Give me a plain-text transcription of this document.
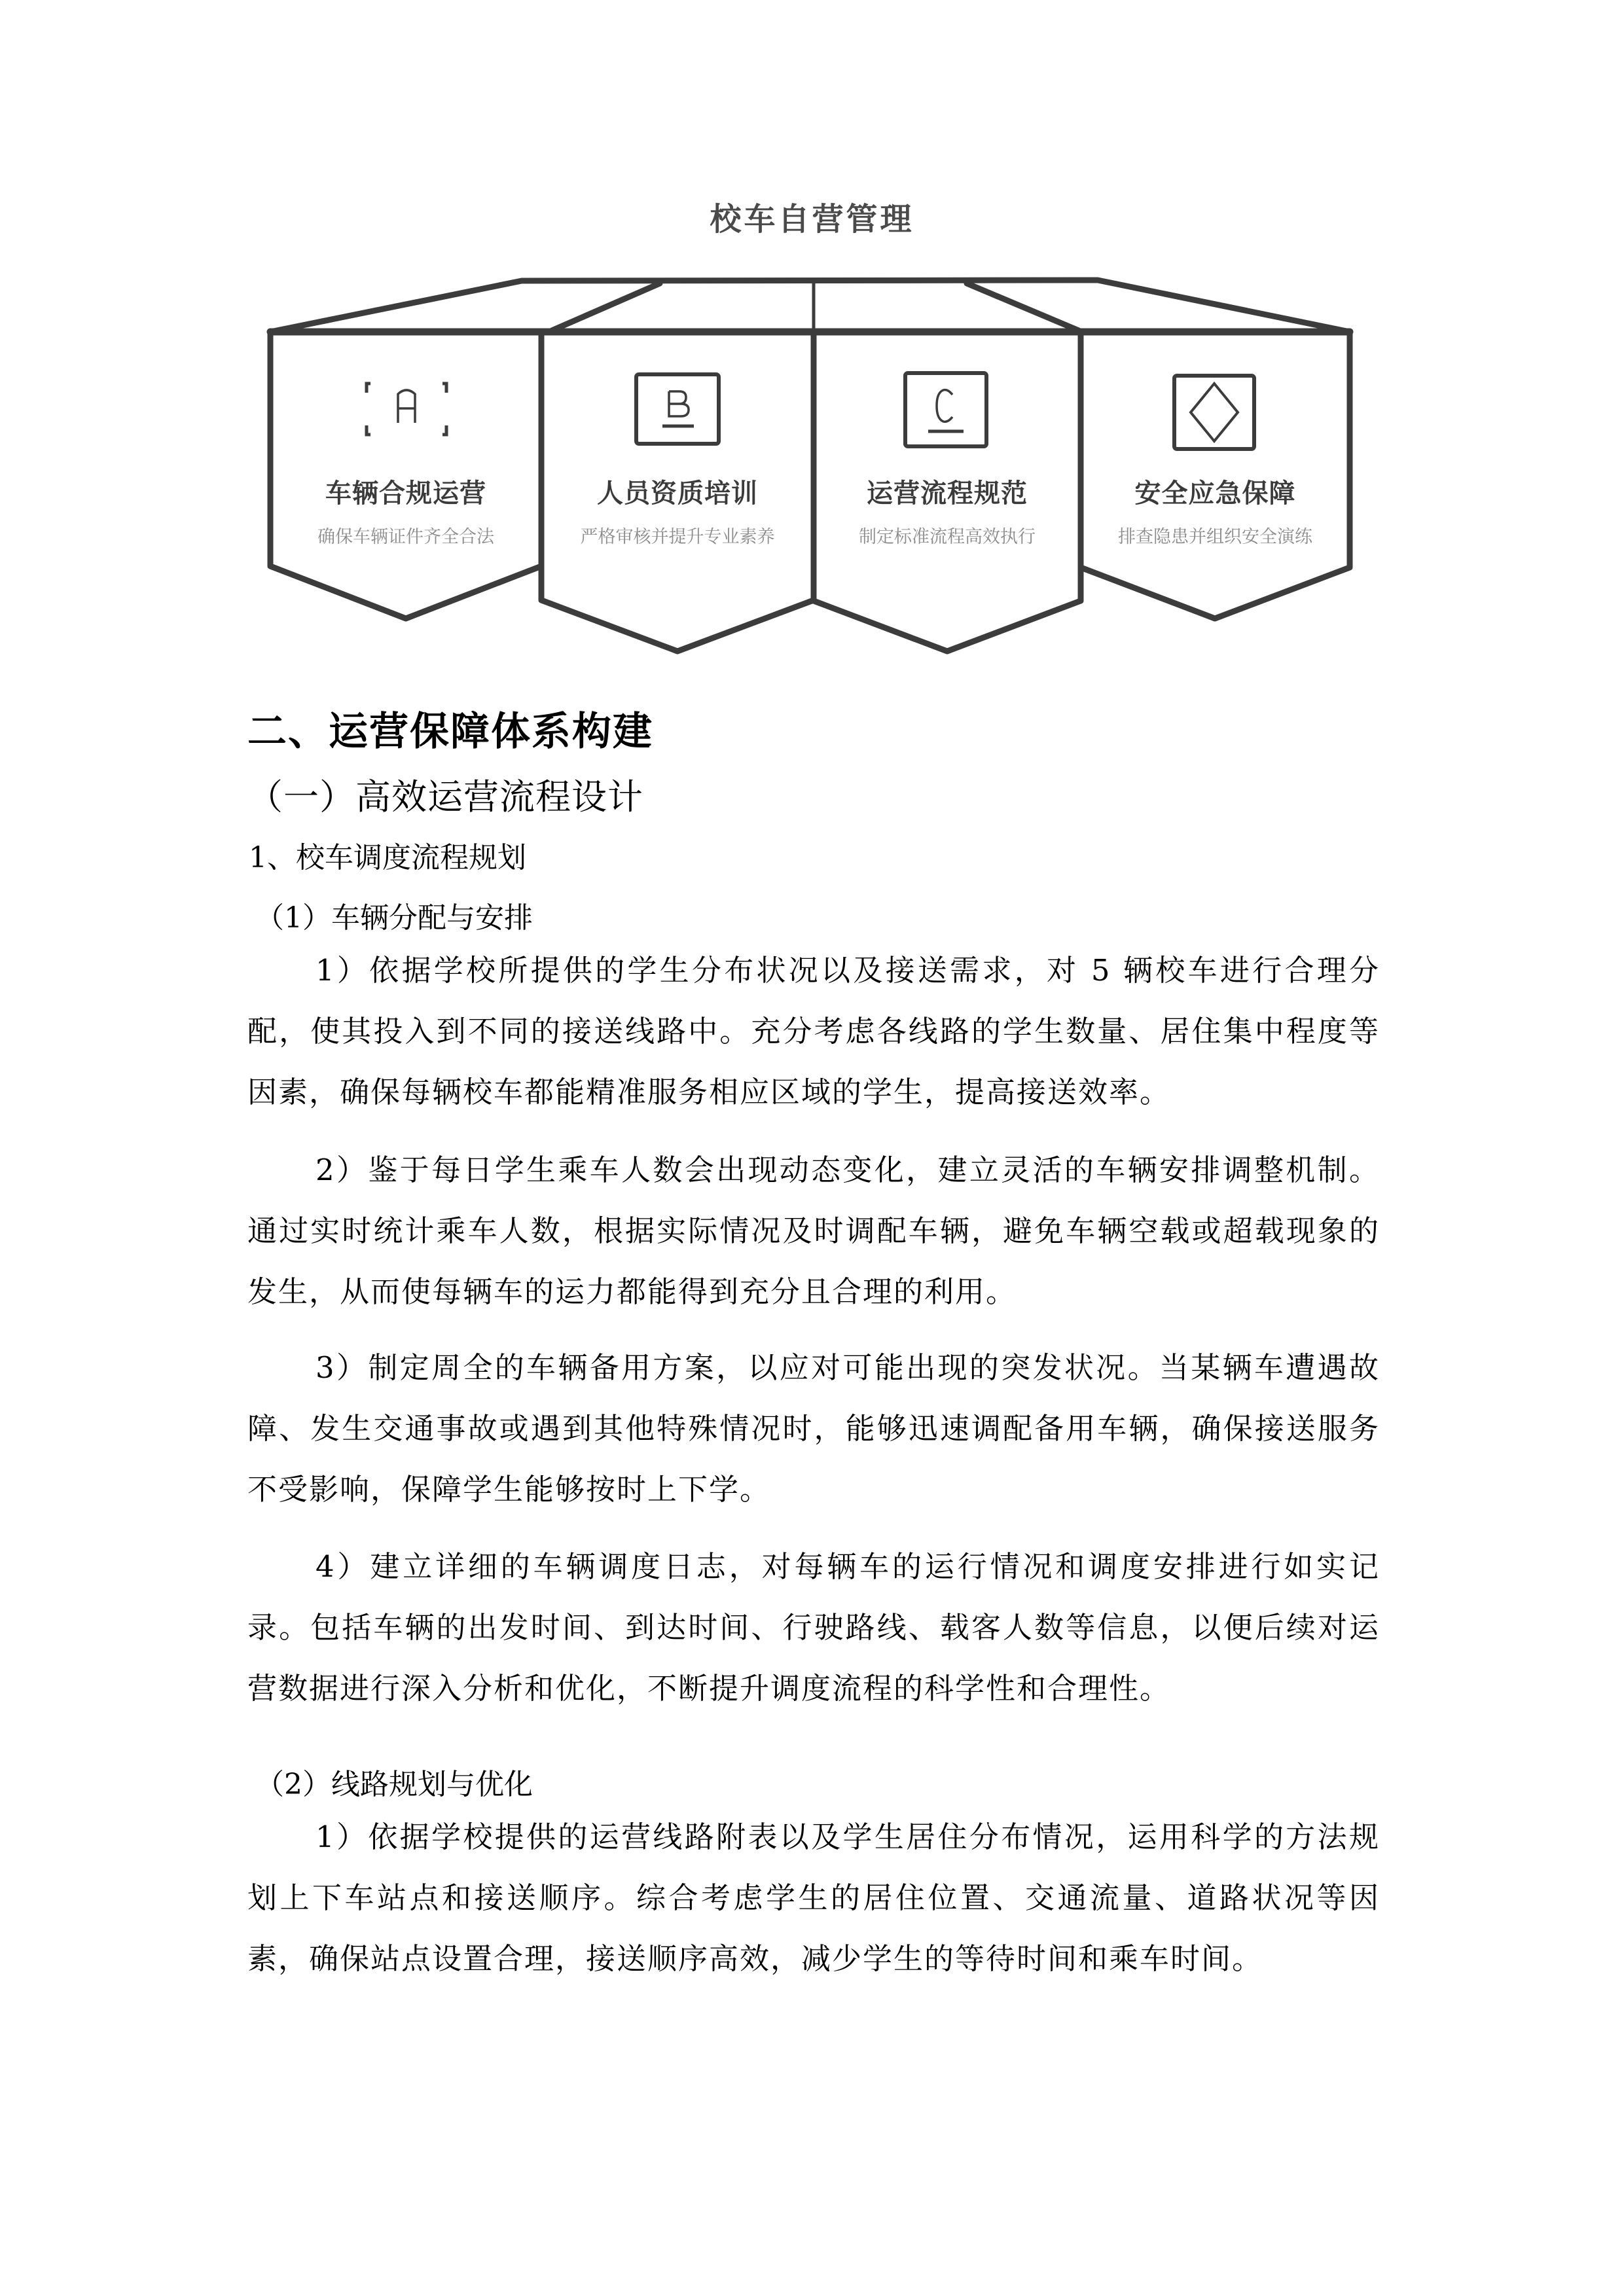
校车自营管理
车辆合规运营
确保车辆证件齐全合法
人员资质培训
严格审核并提升专业素养
运营流程规范
制定标准流程高效执行
安全应急保障
排查隐患并组织安全演练
二、运营保障体系构建
（一）高效运营流程设计
1、校车调度流程规划
（1）车辆分配与安排

1）依据学校所提供的学生分布状况以及接送需求，对 5 辆校车进行合理分配，使其投入到不同的接送线路中。充分考虑各线路的学生数量、居住集中程度等因素，确保每辆校车都能精准服务相应区域的学生，提高接送效率。

2）鉴于每日学生乘车人数会出现动态变化，建立灵活的车辆安排调整机制。通过实时统计乘车人数，根据实际情况及时调配车辆，避免车辆空载或超载现象的发生，从而使每辆车的运力都能得到充分且合理的利用。

3）制定周全的车辆备用方案，以应对可能出现的突发状况。当某辆车遭遇故障、发生交通事故或遇到其他特殊情况时，能够迅速调配备用车辆，确保接送服务不受影响，保障学生能够按时上下学。

4）建立详细的车辆调度日志，对每辆车的运行情况和调度安排进行如实记录。包括车辆的出发时间、到达时间、行驶路线、载客人数等信息，以便后续对运营数据进行深入分析和优化，不断提升调度流程的科学性和合理性。

（2）线路规划与优化

1）依据学校提供的运营线路附表以及学生居住分布情况，运用科学的方法规划上下车站点和接送顺序。综合考虑学生的居住位置、交通流量、道路状况等因素，确保站点设置合理，接送顺序高效，减少学生的等待时间和乘车时间。
